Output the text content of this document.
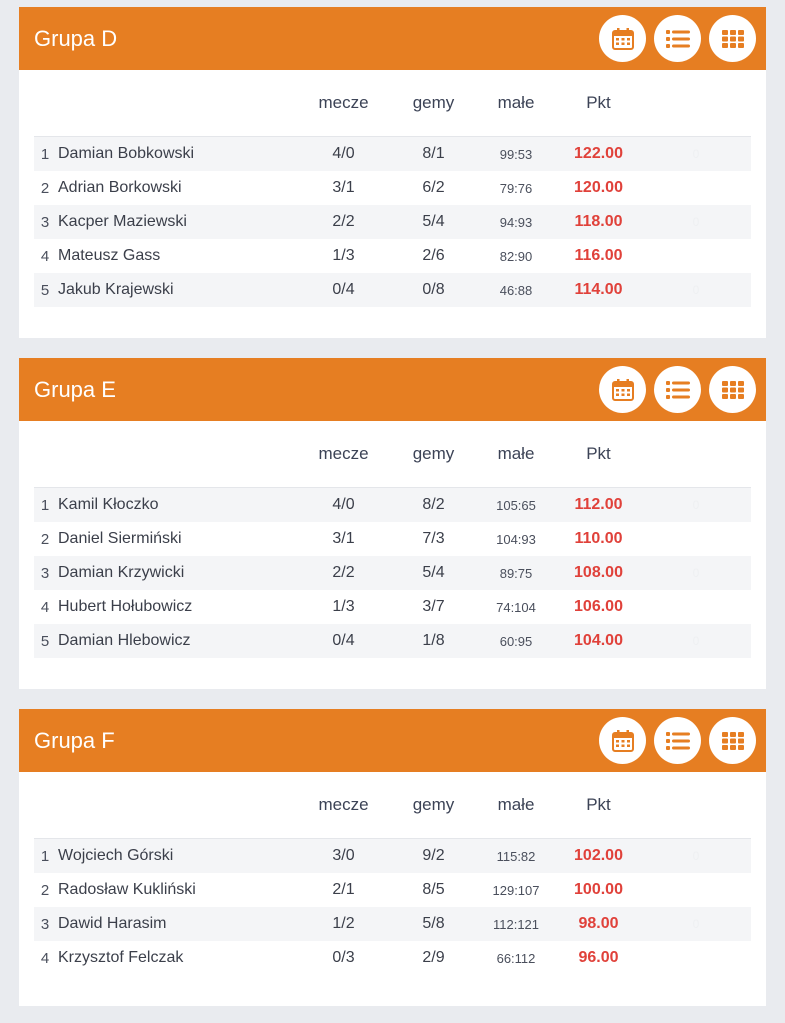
Grupa D
mecze	gemy	małe	Pkt
1 Damian Bobkowski	4/0	8/1	99:53	122.00	0
2 Adrian Borkowski	3/1	6/2	79:76	120.00
3 Kacper Maziewski	2/2	5/4	94:93	118.00	0
4 Mateusz Gass	1/3	2/6	82:90	116.00
5 Jakub Krajewski	0/4	0/8	46:88	114.00	0
Grupa E
mecze	gemy	małe	Pkt
1 Kamil Kłoczko	4/0	8/2	105:65	112.00	0
2 Daniel Siermiński	3/1	7/3	104:93	110.00
3 Damian Krzywicki	2/2	5/4	89:75	108.00	0
4 Hubert Hołubowicz	1/3	3/7	74:104	106.00
5 Damian Hlebowicz	0/4	1/8	60:95	104.00	0
Grupa F
mecze	gemy	małe	Pkt
1 Wojciech Górski	3/0	9/2	115:82	102.00	0
2 Radosław Kukliński	2/1	8/5	129:107	100.00
3 Dawid Harasim	1/2	5/8	112:121	98.00	0
4 Krzysztof Felczak	0/3	2/9	66:112	96.00
